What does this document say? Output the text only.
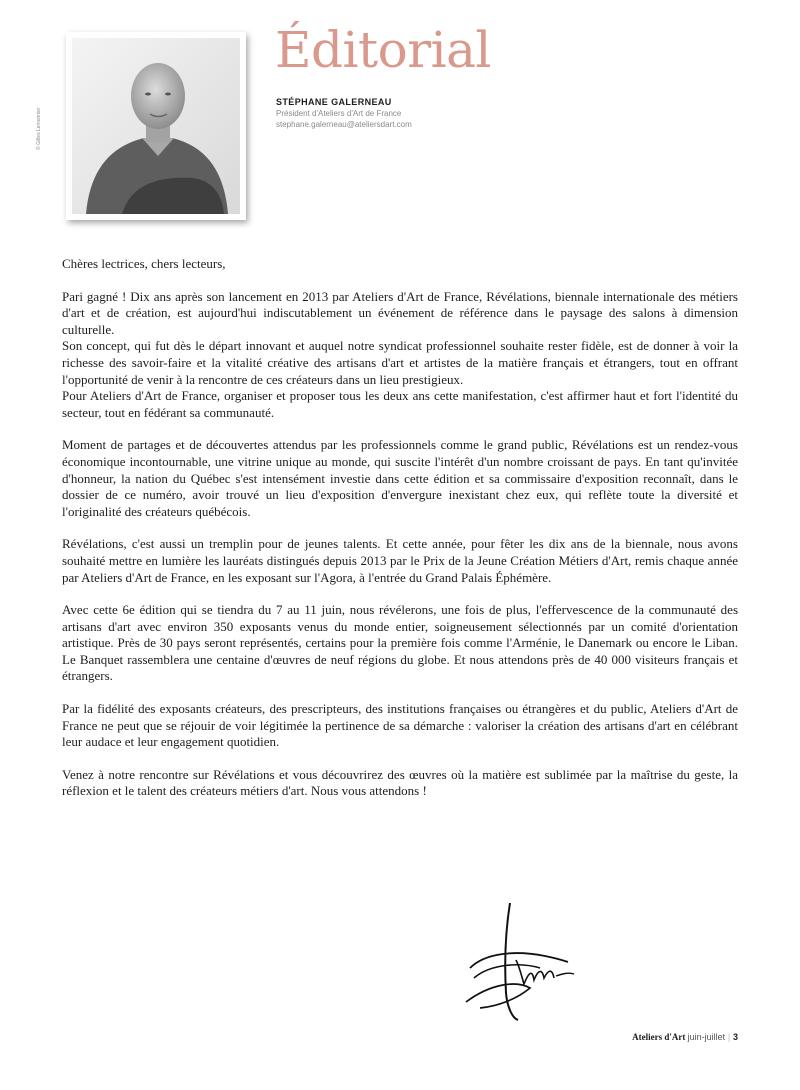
© Gilles Lemonnier
Éditorial
STÉPHANE GALERNEAU
Président d'Ateliers d'Art de France
stephane.galerneau@ateliersdart.com

Chères lectrices, chers lecteurs,

Pari gagné ! Dix ans après son lancement en 2013 par Ateliers d'Art de France, Révélations, biennale internationale des métiers d'art et de création, est aujourd'hui indiscutablement un événement de référence dans le paysage des salons à dimension culturelle.

Son concept, qui fut dès le départ innovant et auquel notre syndicat professionnel souhaite rester fidèle, est de donner à voir la richesse des savoir-faire et la vitalité créative des artisans d'art et artistes de la matière français et étrangers, tout en offrant l'opportunité de venir à la rencontre de ces créateurs dans un lieu prestigieux.

Pour Ateliers d'Art de France, organiser et proposer tous les deux ans cette manifestation, c'est affirmer haut et fort l'identité du secteur, tout en fédérant sa communauté.

Moment de partages et de découvertes attendus par les professionnels comme le grand public, Révélations est un rendez-vous économique incontournable, une vitrine unique au monde, qui suscite l'intérêt d'un nombre croissant de pays. En tant qu'invitée d'honneur, la nation du Québec s'est intensément investie dans cette édition et sa commissaire d'exposition reconnaît, dans le dossier de ce numéro, avoir trouvé un lieu d'exposition d'envergure inexistant chez eux, qui reflète toute la diversité et l'originalité des créateurs québécois.

Révélations, c'est aussi un tremplin pour de jeunes talents. Et cette année, pour fêter les dix ans de la biennale, nous avons souhaité mettre en lumière les lauréats distingués depuis 2013 par le Prix de la Jeune Création Métiers d'Art, remis chaque année par Ateliers d'Art de France, en les exposant sur l'Agora, à l'entrée du Grand Palais Éphémère.

Avec cette 6e édition qui se tiendra du 7 au 11 juin, nous révélerons, une fois de plus, l'effervescence de la communauté des artisans d'art avec environ 350 exposants venus du monde entier, soigneusement sélectionnés par un comité d'orientation artistique. Près de 30 pays seront représentés, certains pour la première fois comme l'Arménie, le Danemark ou encore le Liban. Le Banquet rassemblera une centaine d'œuvres de neuf régions du globe. Et nous attendons près de 40 000 visiteurs français et étrangers.

Par la fidélité des exposants créateurs, des prescripteurs, des institutions françaises ou étrangères et du public, Ateliers d'Art de France ne peut que se réjouir de voir légitimée la pertinence de sa démarche : valoriser la création des artisans d'art en célébrant leur audace et leur engagement quotidien.

Venez à notre rencontre sur Révélations et vous découvrirez des œuvres où la matière est sublimée par la maîtrise du geste, la réflexion et le talent des créateurs métiers d'art. Nous vous attendons !

Ateliers d'Art juin-juillet | 3
